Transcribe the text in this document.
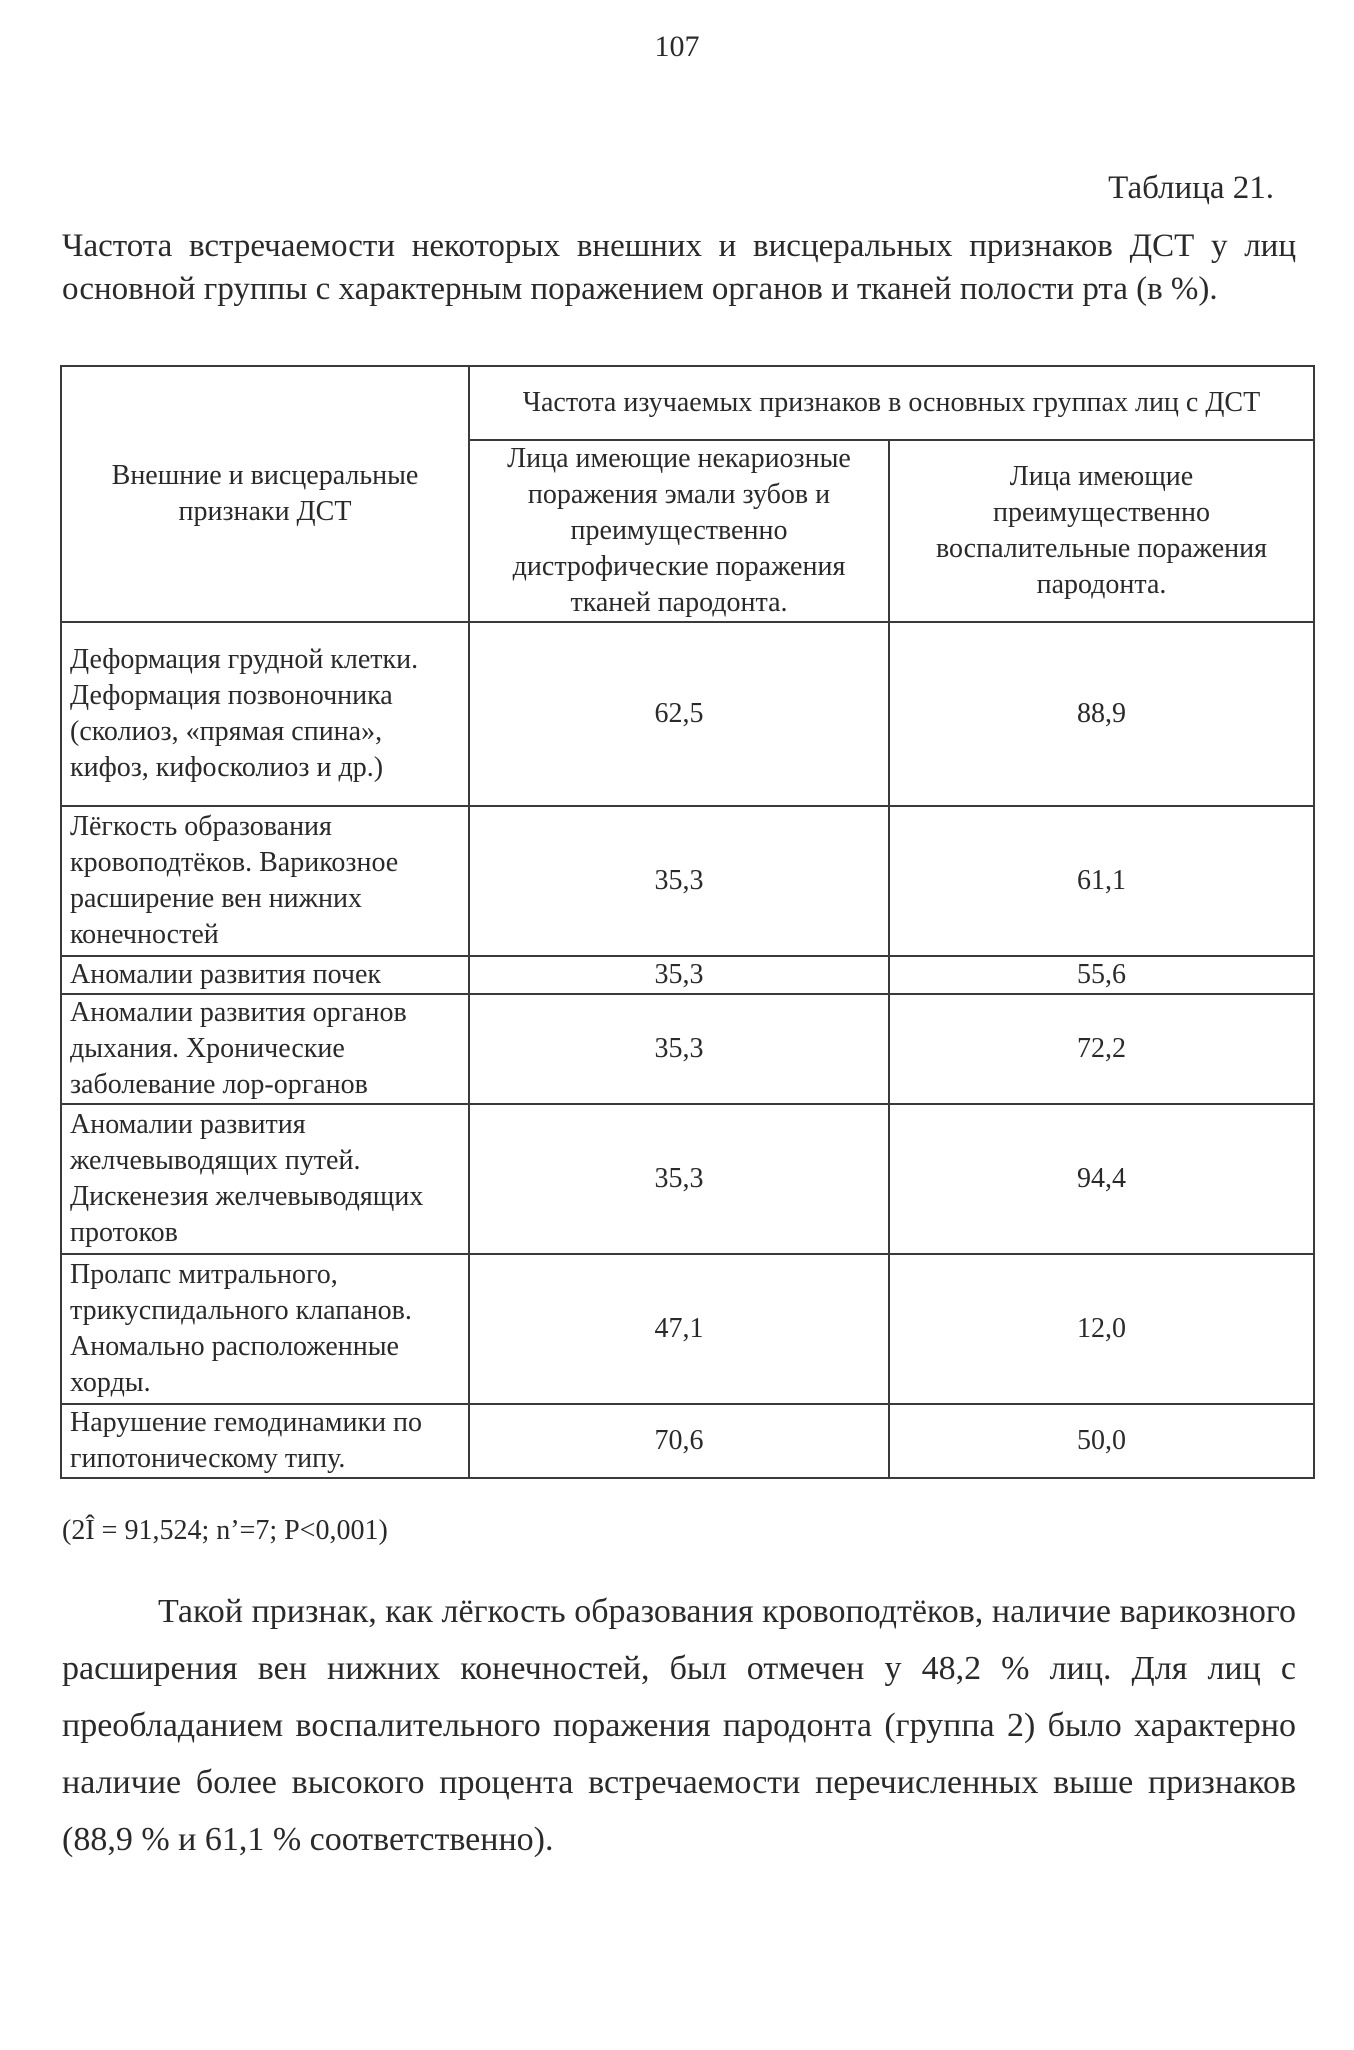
107
Таблица 21.
Частота встречаемости некоторых внешних и висцеральных признаков ДСТ у лиц основной группы с характерным поражением органов и тканей полости рта (в %).
Внешние и висцеральные признаки ДСТ	Частота изучаемых признаков в основных группах лиц с ДСТ	
	Лица имеющие некариозные поражения эмали зубов и преимущественно дистрофические поражения тканей пародонта.	Лица имеющие преимущественно воспалительные поражения пародонта.
Деформация грудной клетки. Деформация позвоночника (сколиоз, «прямая спина», кифоз, кифосколиоз и др.)	62,5	88,9
Лёгкость образования кровоподтёков. Варикозное расширение вен нижних конечностей	35,3	61,1
Аномалии развития почек	35,3	55,6
Аномалии развития органов дыхания. Хронические заболевание лор-органов	35,3	72,2
Аномалии развития желчевыводящих путей. Дискенезия желчевыводящих протоков	35,3	94,4
Пролапс митрального, трикуспидального клапанов. Аномально расположенные хорды.	47,1	12,0
Нарушение гемодинамики по гипотоническому типу.	70,6	50,0
(2Î = 91,524; n’=7; P<0,001)
Такой признак, как лёгкость образования кровоподтёков, наличие варикозного расширения вен нижних конечностей, был отмечен у 48,2 % лиц. Для лиц с преобладанием воспалительного поражения пародонта (группа 2) было характерно наличие более высокого процента встречаемости перечисленных выше признаков (88,9 % и 61,1 % соответственно).
